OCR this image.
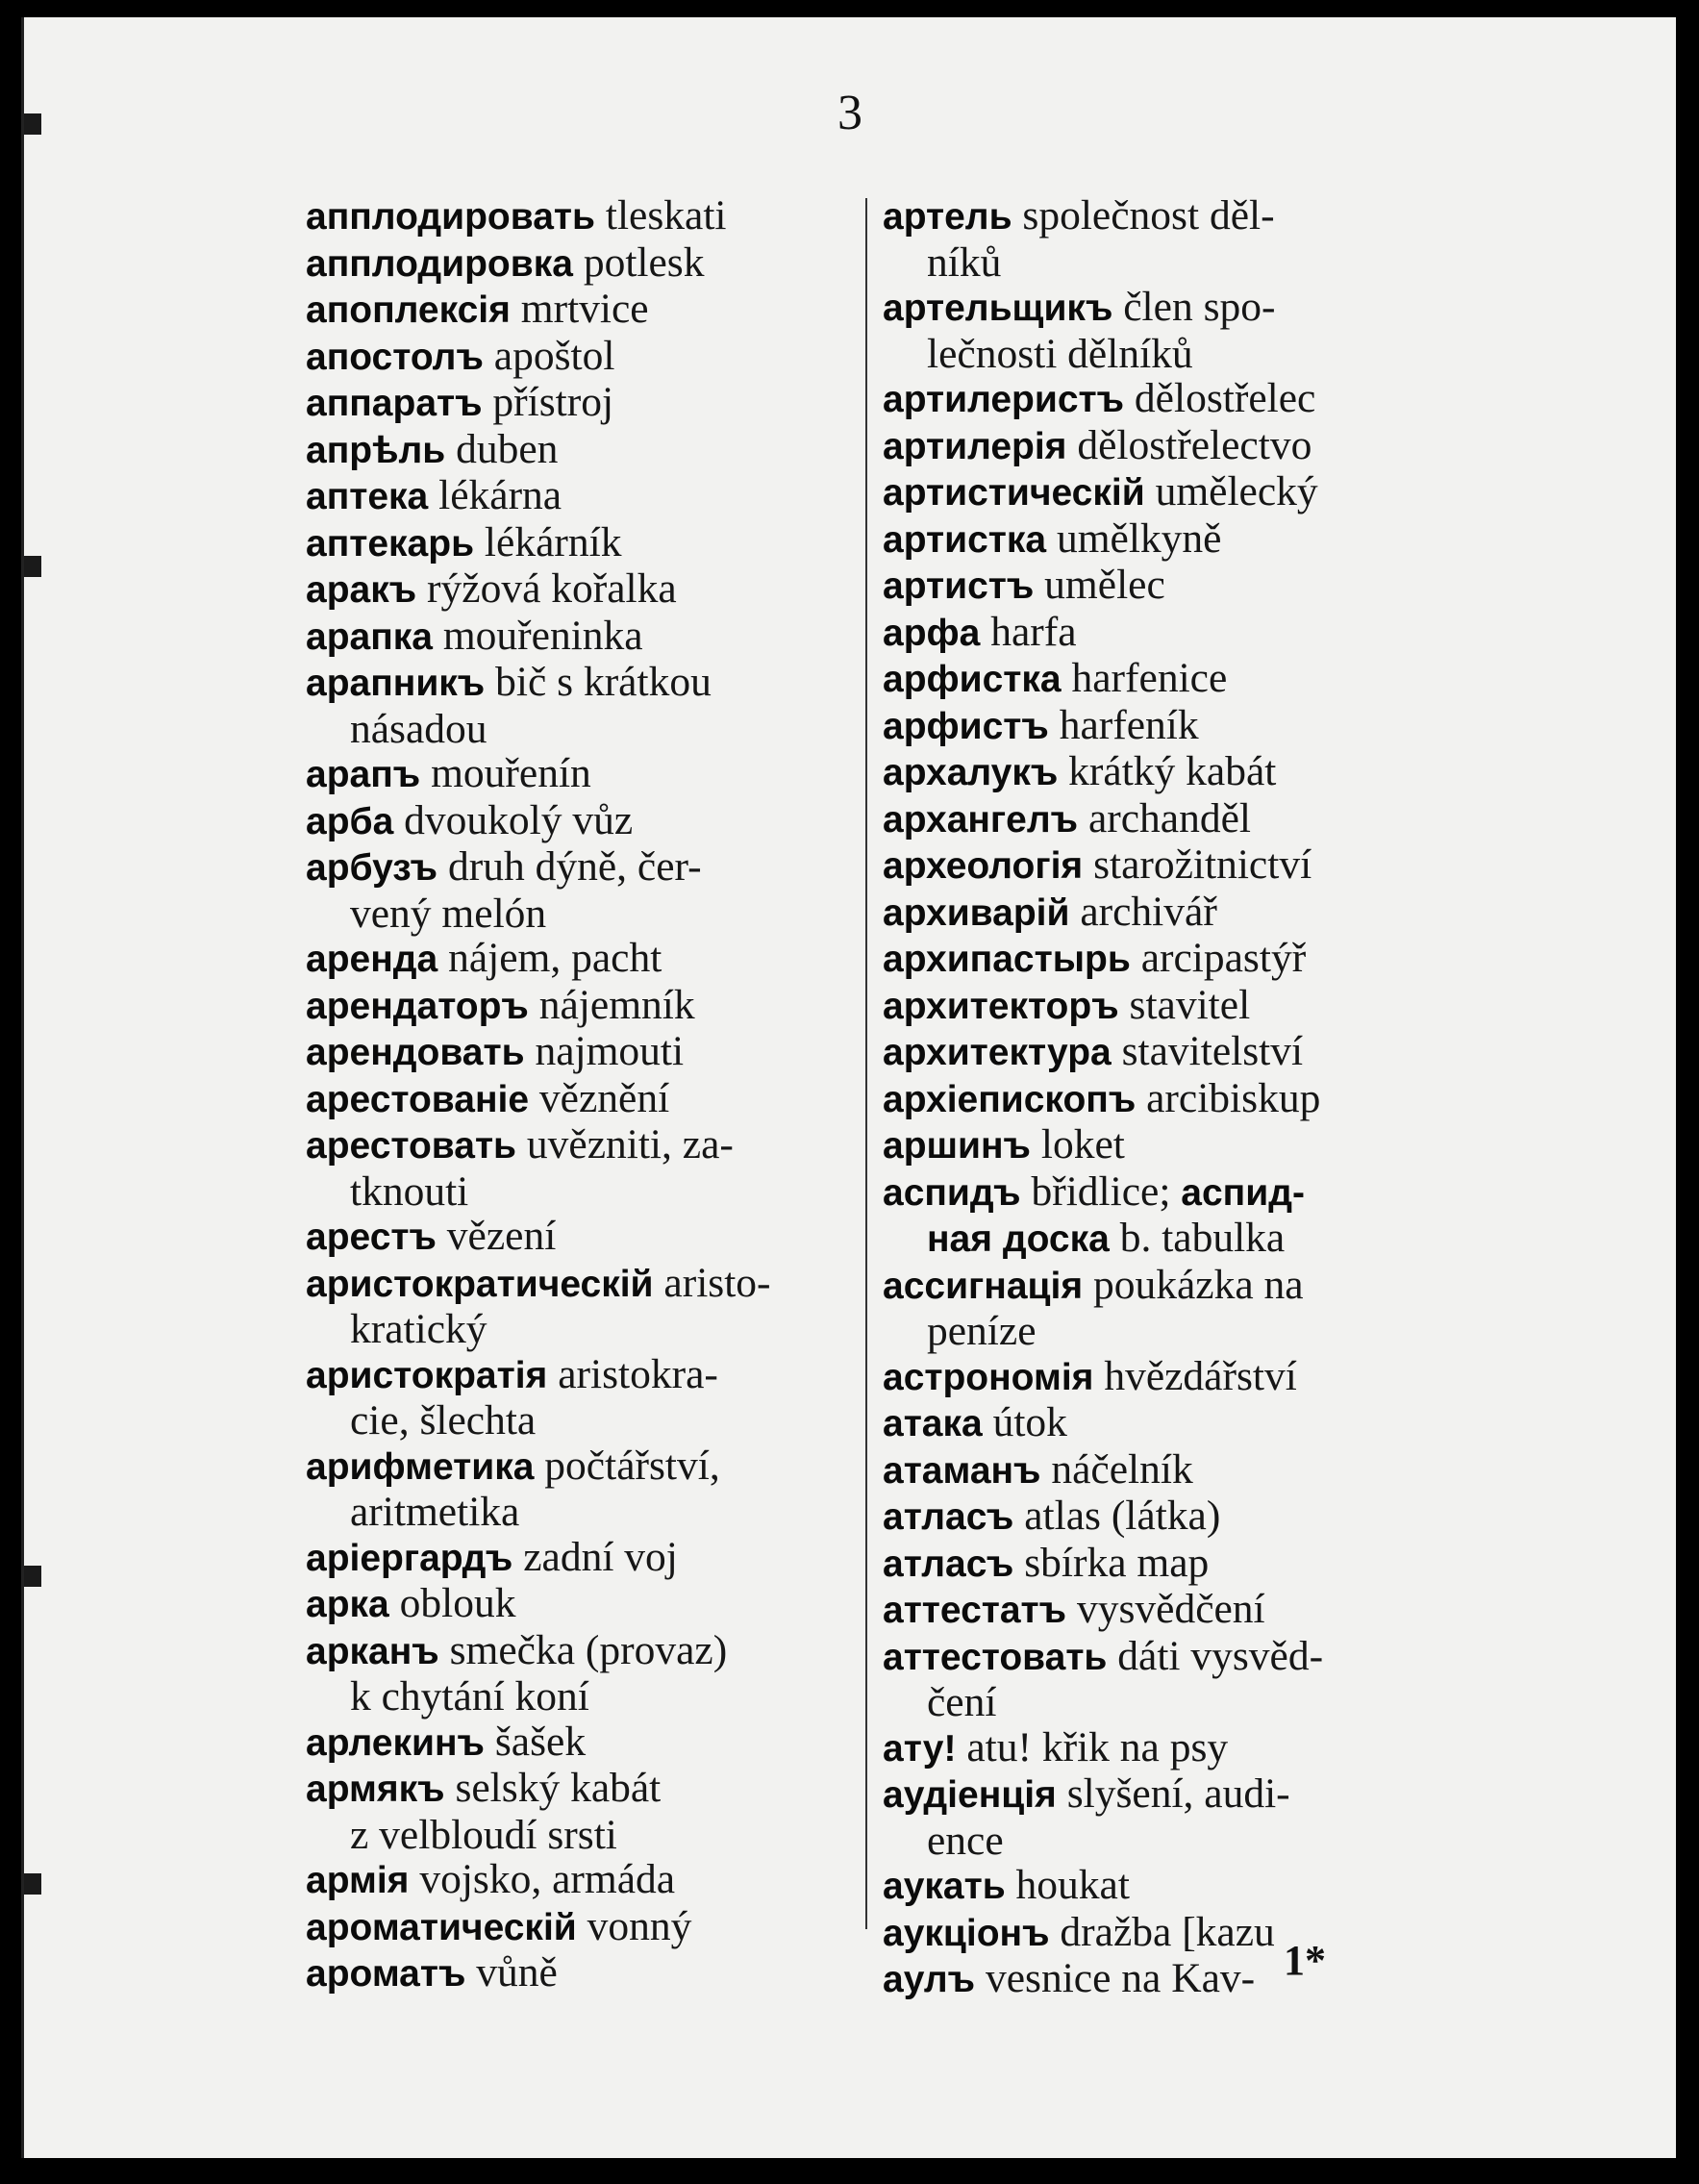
3
апплодировать tleskati
апплодировка potlesk
апоплексія mrtvice
апостолъ apoštol
аппаратъ přístroj
апрѣль duben
аптека lékárna
аптекарь lékárník
аракъ rýžová kořalka
арапка mouřeninka
арапникъ bič s krátkou
násadou
арапъ mouřenín
арба dvoukolý vůz
арбузъ druh dýně, čer-
vený melón
аренда nájem, pacht
арендаторъ nájemník
арендовать najmouti
арестованіе věznění
арестовать uvězniti, za-
tknouti
арестъ vězení
аристократическій aristo-
kratický
аристократія aristokra-
cie, šlechta
арифметика počtářství,
aritmetika
аріергардъ zadní voj
арка oblouk
арканъ smečka (provaz)
k chytání koní
арлекинъ šašek
армякъ selský kabát
z velbloudí srsti
армія vojsko, armáda
ароматическій vonný
ароматъ vůně
артель společnost děl-
níků
артельщикъ člen spo-
lečnosti dělníků
артилеристъ dělostřelec
артилерія dělostřelectvo
артистическій umělecký
артистка umělkyně
артистъ umělec
арфа harfa
арфистка harfenice
арфистъ harfeník
архалукъ krátký kabát
архангелъ archanděl
археологія starožitnictví
архиварій archivář
архипастырь arcipastýř
архитекторъ stavitel
архитектура stavitelství
архіепископъ arcibiskup
аршинъ loket
аспидъ břidlice; аспид-
ная доска b. tabulka
ассигнація poukázka na
peníze
астрономія hvězdářství
атака útok
атаманъ náčelník
атласъ atlas (látka)
атласъ sbírka map
аттестатъ vysvědčení
аттестовать dáti vysvěd-
čení
ату! atu! křik na psy
аудіенція slyšení, audi-
ence
аукать houkat
аукціонъ dražba [kazu
аулъ vesnice na Kav- 1*
